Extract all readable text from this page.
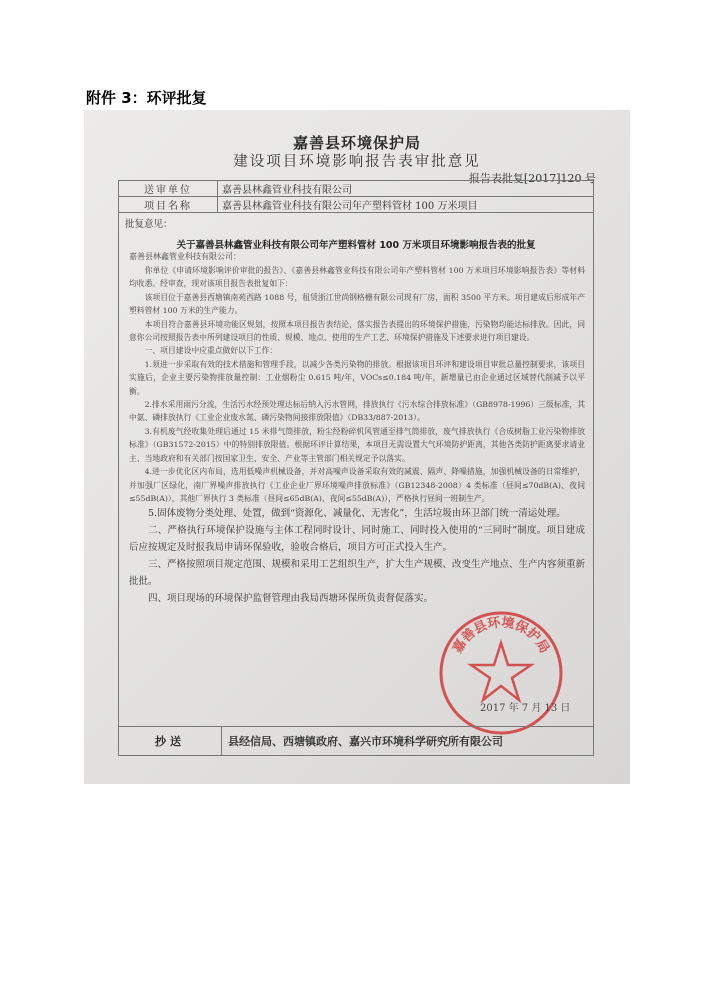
附件 3：环评批复
嘉善县环境保护局
建设项目环境影响报告表审批意见
报告表批复[2017]120 号
送审单位	嘉善县林鑫管业科技有限公司
项目名称	嘉善县林鑫管业科技有限公司年产塑料管材 100 万米项目
批复意见：
关于嘉善县林鑫管业科技有限公司年产塑料管材 100 万米项目环境影响报告表的批复
嘉善县林鑫管业科技有限公司：

你单位《申请环境影响评价审批的报告》、《嘉善县林鑫管业科技有限公司年产塑料管材 100 万米项目环境影响报告表》等材料均收悉。经审查，现对该项目报告表批复如下：

该项目位于嘉善县西塘镇南苑西路 1088 号，租赁浙江世尚钢格栅有限公司现有厂房，面积 3500 平方米。项目建成后形成年产塑料管材 100 万米的生产能力。

本项目符合嘉善县环境功能区规划，按照本项目报告表结论，落实报告表提出的环境保护措施，污染物均能达标排放。因此，同意你公司按照报告表中所列建设项目的性质、规模、地点、使用的生产工艺、环境保护措施及下述要求进行项目建设。

一、项目建设中应重点做好以下工作：

1.须进一步采取有效的技术措施和管理手段，以减少各类污染物的排放。根据该项目环评和建设项目审批总量控制要求，该项目实施后，企业主要污染物排放量控制：工业烟粉尘 0.615 吨/年，VOCs≤0.184 吨/年，新增量已由企业通过区域替代削减予以平衡。

2.排水采用雨污分流，生活污水经预处理达标后纳入污水管网，排放执行《污水综合排放标准》（GB8978-1996）三级标准，其中氨、磷排放执行《工业企业废水氮、磷污染物间接排放限值》（DB33/887-2013）。

3.有机废气经收集处理后通过 15 米排气筒排放，粉尘经粉碎机风管通至排气筒排放，废气排放执行《合成树脂工业污染物排放标准》（GB31572-2015）中的特别排放限值。根据环评计算结果，本项目无需设置大气环境防护距离，其他各类防护距离要求请业主、当地政府和有关部门按国家卫生、安全、产业等主管部门相关规定予以落实。

4.进一步优化区内布局，选用低噪声机械设备，并对高噪声设备采取有效的减震、隔声、降噪措施，加强机械设备的日常维护，并加强厂区绿化，南厂界噪声排放执行《工业企业厂界环境噪声排放标准》（GB12348-2008）4 类标准（昼间≤70dB(A)、夜间≤55dB(A)），其他厂界执行 3 类标准（昼间≤65dB(A)、夜间≤55dB(A)），严格执行昼间一班制生产。

5.固体废物分类处理、处置，做到“资源化、减量化、无害化”，生活垃圾由环卫部门统一清运处理。

二、严格执行环境保护设施与主体工程同时设计、同时施工、同时投入使用的“三同时”制度。项目建成后应按规定及时报我局申请环保验收，验收合格后，项目方可正式投入生产。

三、严格按照项目规定范围、规模和采用工艺组织生产，扩大生产规模、改变生产地点、生产内容须重新批批。

四、项目现场的环境保护监督管理由我局西塘环保所负责督促落实。

嘉善县环境保护局
2017 年 7 月 13 日
抄送	县经信局、西塘镇政府、嘉兴市环境科学研究所有限公司
